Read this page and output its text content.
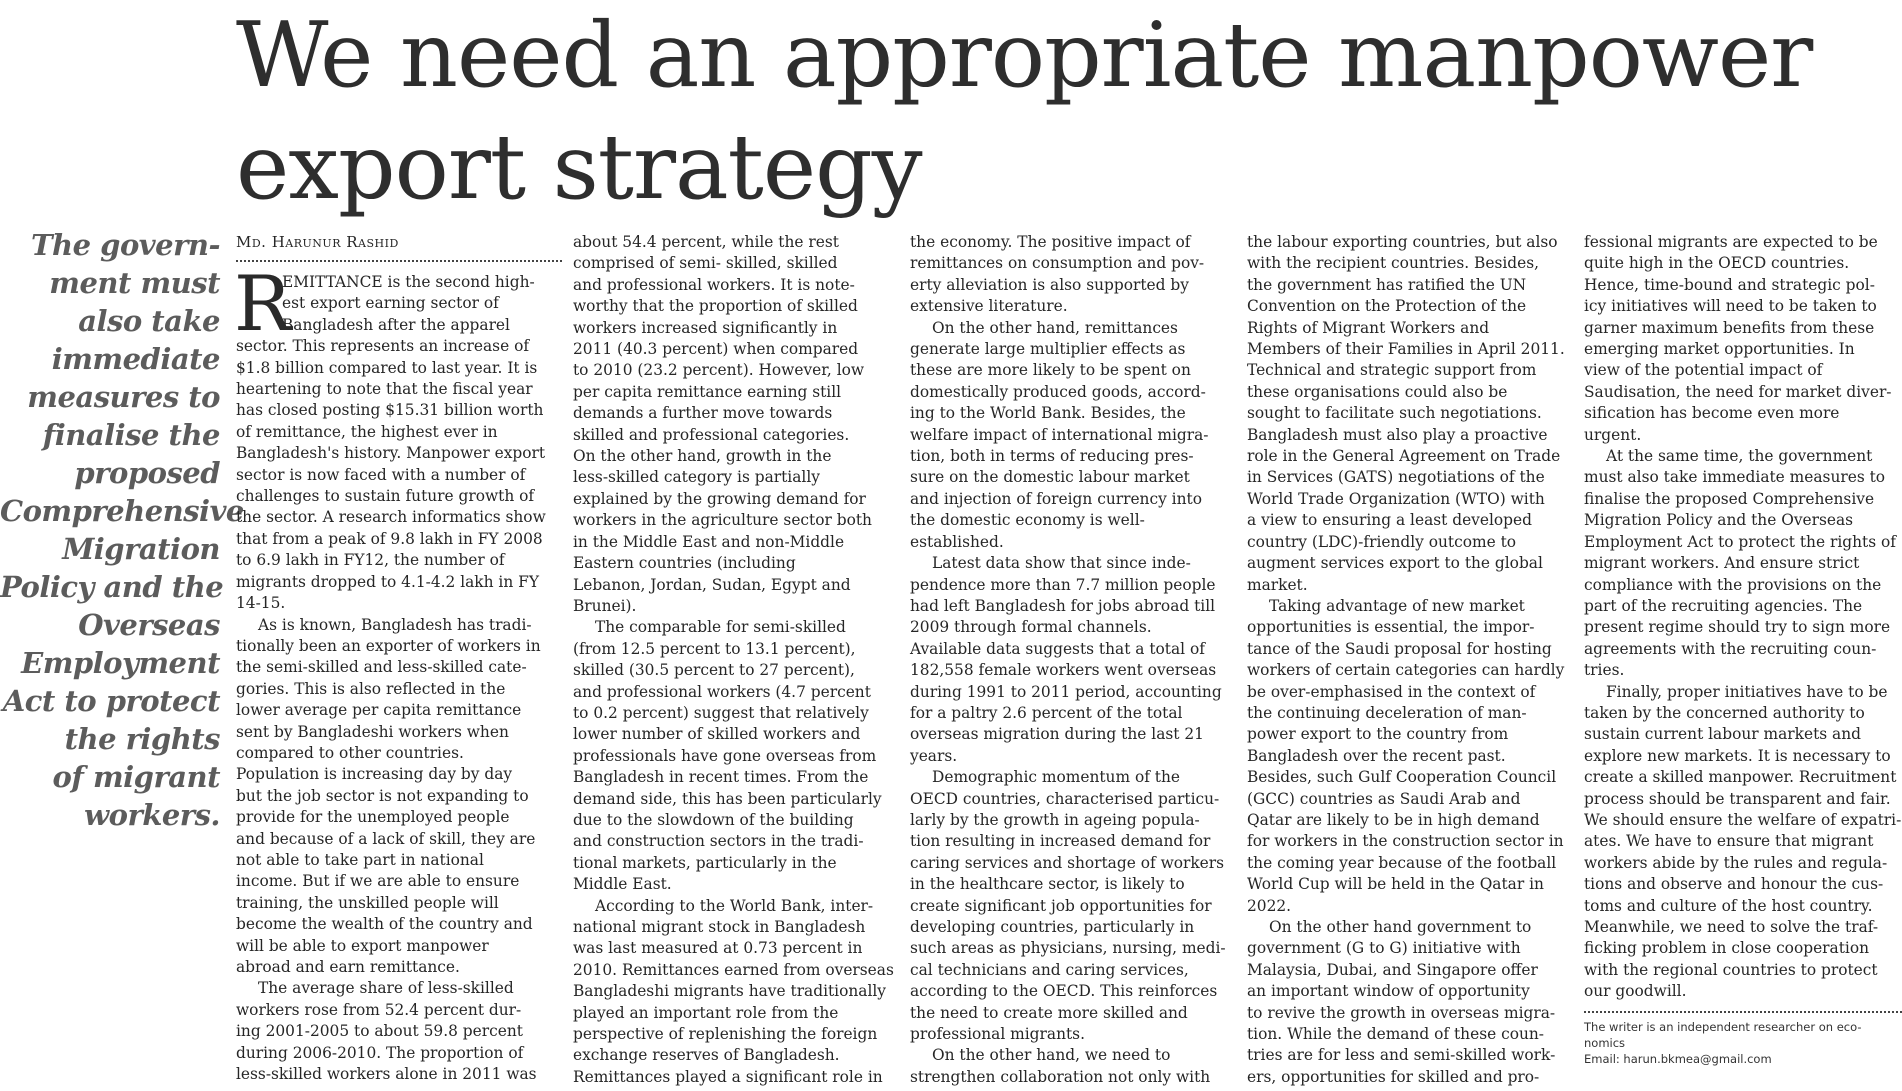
We need an appropriate manpower
export strategy
The govern-
ment must
also take
immediate
measures to
finalise the
proposed
Comprehensive
Migration
Policy and the
Overseas
Employment
Act to protect
the rights
of migrant
workers.
Md. Harunur Rashid
R
EMITTANCE is the second high-
est export earning sector of
Bangladesh after the apparel
sector. This represents an increase of
$1.8 billion compared to last year. It is
heartening to note that the fiscal year
has closed posting $15.31 billion worth
of remittance, the highest ever in
Bangladesh's history. Manpower export
sector is now faced with a number of
challenges to sustain future growth of
the sector. A research informatics show
that from a peak of 9.8 lakh in FY 2008
to 6.9 lakh in FY12, the number of
migrants dropped to 4.1-4.2 lakh in FY
14-15.
As is known, Bangladesh has tradi-
tionally been an exporter of workers in
the semi-skilled and less-skilled cate-
gories. This is also reflected in the
lower average per capita remittance
sent by Bangladeshi workers when
compared to other countries.
Population is increasing day by day
but the job sector is not expanding to
provide for the unemployed people
and because of a lack of skill, they are
not able to take part in national
income. But if we are able to ensure
training, the unskilled people will
become the wealth of the country and
will be able to export manpower
abroad and earn remittance.
The average share of less-skilled
workers rose from 52.4 percent dur-
ing 2001-2005 to about 59.8 percent
during 2006-2010. The proportion of
less-skilled workers alone in 2011 was
about 54.4 percent, while the rest
comprised of semi- skilled, skilled
and professional workers. It is note-
worthy that the proportion of skilled
workers increased significantly in
2011 (40.3 percent) when compared
to 2010 (23.2 percent). However, low
per capita remittance earning still
demands a further move towards
skilled and professional categories.
On the other hand, growth in the
less-skilled category is partially
explained by the growing demand for
workers in the agriculture sector both
in the Middle East and non-Middle
Eastern countries (including
Lebanon, Jordan, Sudan, Egypt and
Brunei).
The comparable for semi-skilled
(from 12.5 percent to 13.1 percent),
skilled (30.5 percent to 27 percent),
and professional workers (4.7 percent
to 0.2 percent) suggest that relatively
lower number of skilled workers and
professionals have gone overseas from
Bangladesh in recent times. From the
demand side, this has been particularly
due to the slowdown of the building
and construction sectors in the tradi-
tional markets, particularly in the
Middle East.
According to the World Bank, inter-
national migrant stock in Bangladesh
was last measured at 0.73 percent in
2010. Remittances earned from overseas
Bangladeshi migrants have traditionally
played an important role from the
perspective of replenishing the foreign
exchange reserves of Bangladesh.
Remittances played a significant role in
the economy. The positive impact of
remittances on consumption and pov-
erty alleviation is also supported by
extensive literature.
On the other hand, remittances
generate large multiplier effects as
these are more likely to be spent on
domestically produced goods, accord-
ing to the World Bank. Besides, the
welfare impact of international migra-
tion, both in terms of reducing pres-
sure on the domestic labour market
and injection of foreign currency into
the domestic economy is well-
established.
Latest data show that since inde-
pendence more than 7.7 million people
had left Bangladesh for jobs abroad till
2009 through formal channels.
Available data suggests that a total of
182,558 female workers went overseas
during 1991 to 2011 period, accounting
for a paltry 2.6 percent of the total
overseas migration during the last 21
years.
Demographic momentum of the
OECD countries, characterised particu-
larly by the growth in ageing popula-
tion resulting in increased demand for
caring services and shortage of workers
in the healthcare sector, is likely to
create significant job opportunities for
developing countries, particularly in
such areas as physicians, nursing, medi-
cal technicians and caring services,
according to the OECD. This reinforces
the need to create more skilled and
professional migrants.
On the other hand, we need to
strengthen collaboration not only with
the labour exporting countries, but also
with the recipient countries. Besides,
the government has ratified the UN
Convention on the Protection of the
Rights of Migrant Workers and
Members of their Families in April 2011.
Technical and strategic support from
these organisations could also be
sought to facilitate such negotiations.
Bangladesh must also play a proactive
role in the General Agreement on Trade
in Services (GATS) negotiations of the
World Trade Organization (WTO) with
a view to ensuring a least developed
country (LDC)-friendly outcome to
augment services export to the global
market.
Taking advantage of new market
opportunities is essential, the impor-
tance of the Saudi proposal for hosting
workers of certain categories can hardly
be over-emphasised in the context of
the continuing deceleration of man-
power export to the country from
Bangladesh over the recent past.
Besides, such Gulf Cooperation Council
(GCC) countries as Saudi Arab and
Qatar are likely to be in high demand
for workers in the construction sector in
the coming year because of the football
World Cup will be held in the Qatar in
2022.
On the other hand government to
government (G to G) initiative with
Malaysia, Dubai, and Singapore offer
an important window of opportunity
to revive the growth in overseas migra-
tion. While the demand of these coun-
tries are for less and semi-skilled work-
ers, opportunities for skilled and pro-
fessional migrants are expected to be
quite high in the OECD countries.
Hence, time-bound and strategic pol-
icy initiatives will need to be taken to
garner maximum benefits from these
emerging market opportunities. In
view of the potential impact of
Saudisation, the need for market diver-
sification has become even more
urgent.
At the same time, the government
must also take immediate measures to
finalise the proposed Comprehensive
Migration Policy and the Overseas
Employment Act to protect the rights of
migrant workers. And ensure strict
compliance with the provisions on the
part of the recruiting agencies. The
present regime should try to sign more
agreements with the recruiting coun-
tries.
Finally, proper initiatives have to be
taken by the concerned authority to
sustain current labour markets and
explore new markets. It is necessary to
create a skilled manpower. Recruitment
process should be transparent and fair.
We should ensure the welfare of expatri-
ates. We have to ensure that migrant
workers abide by the rules and regula-
tions and observe and honour the cus-
toms and culture of the host country.
Meanwhile, we need to solve the traf-
ficking problem in close cooperation
with the regional countries to protect
our goodwill.
The writer is an independent researcher on eco-
nomics
Email: harun.bkmea@gmail.com
